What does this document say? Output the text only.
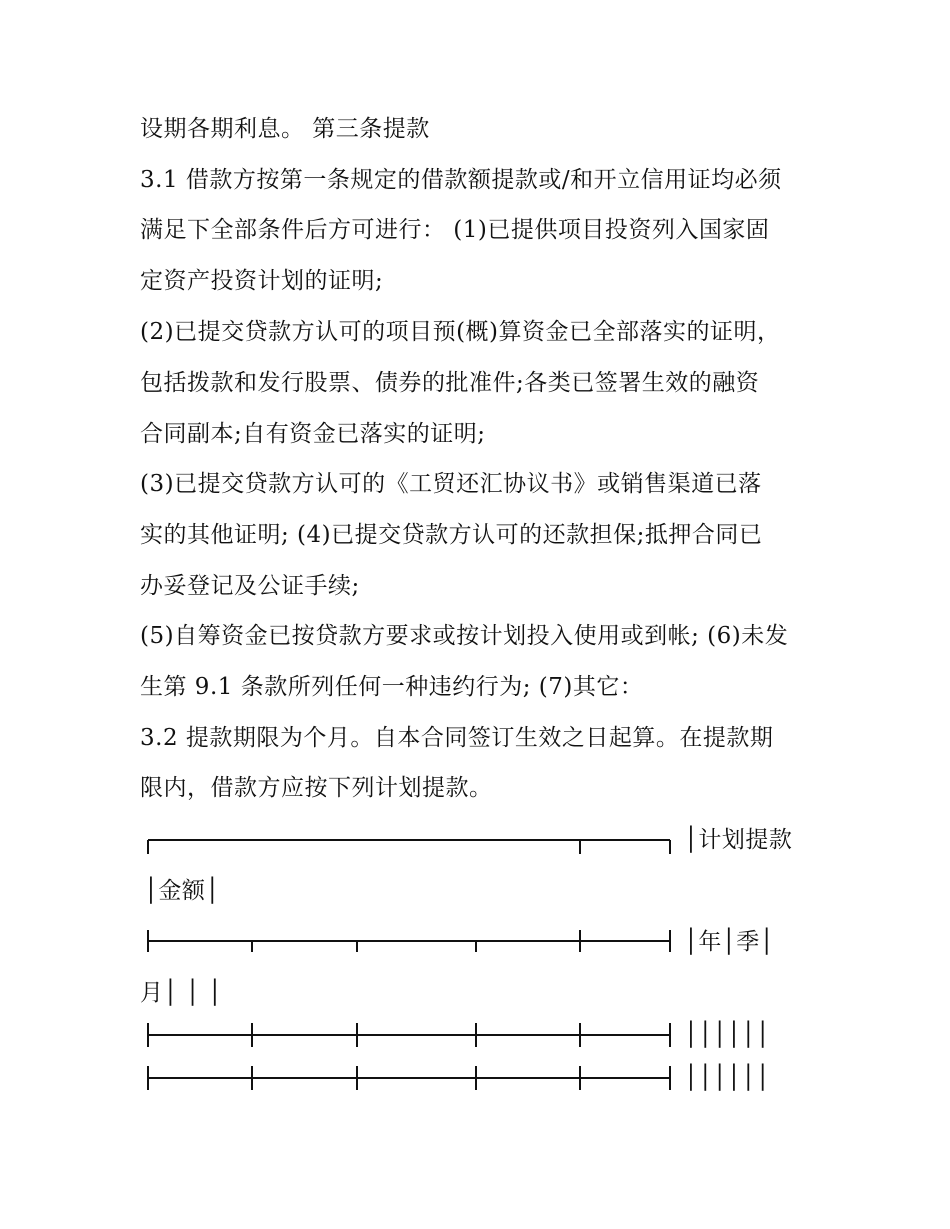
设期各期利息。 第三条提款
3.1 借款方按第一条规定的借款额提款或/和开立信用证均必须
满足下全部条件后方可进行： (1)已提供项目投资列入国家固
定资产投资计划的证明;
(2)已提交贷款方认可的项目预(概)算资金已全部落实的证明，
包括拨款和发行股票、债券的批准件;各类已签署生效的融资
合同副本;自有资金已落实的证明;
(3)已提交贷款方认可的《工贸还汇协议书》或销售渠道已落
实的其他证明; (4)已提交贷款方认可的还款担保;抵押合同已
办妥登记及公证手续;
(5)自筹资金已按贷款方要求或按计划投入使用或到帐; (6)未发
生第 9.1 条款所列任何一种违约行为; (7)其它：
3.2 提款期限为个月。自本合同签订生效之日起算。在提款期
限内，借款方应按下列计划提款。
│计划提款
│金额│
│年│季│
月│ │ │
││││││
││││││
